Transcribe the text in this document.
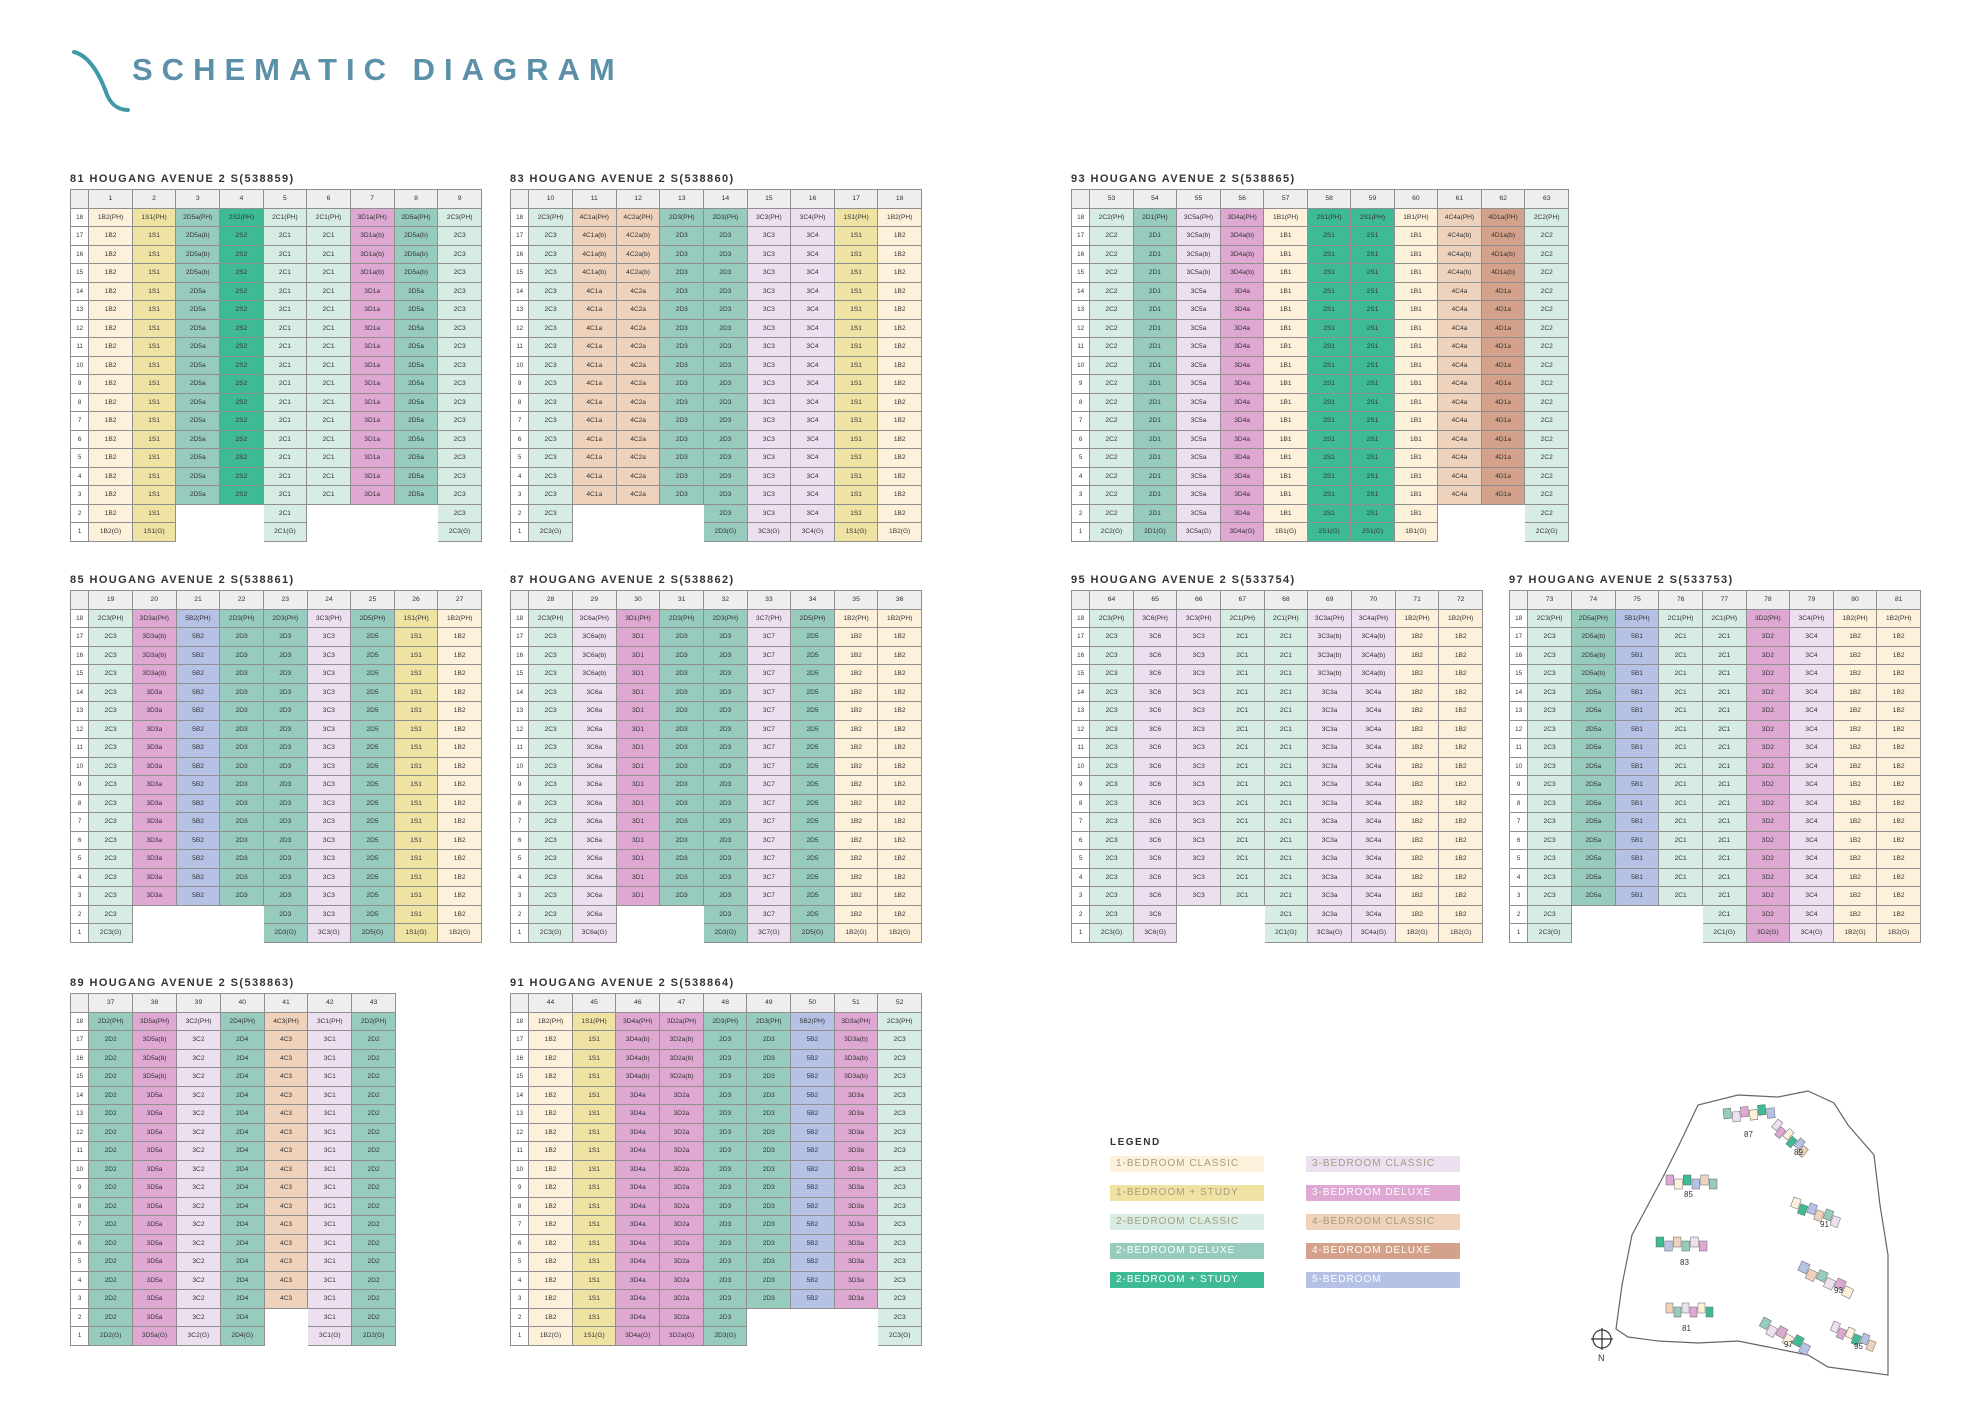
SCHEMATIC DIAGRAM
81 HOUGANG AVENUE 2 S(538859)
	1	2	3	4	5	6	7	8	9
18	1B2(PH)	1S1(PH)	2D5a(PH)	2S2(PH)	2C1(PH)	2C1(PH)	3D1a(PH)	2D5a(PH)	2C3(PH)
17	1B2	1S1	2D5a(b)	2S2	2C1	2C1	3D1a(b)	2D5a(b)	2C3
16	1B2	1S1	2D5a(b)	2S2	2C1	2C1	3D1a(b)	2D5a(b)	2C3
15	1B2	1S1	2D5a(b)	2S2	2C1	2C1	3D1a(b)	2D5a(b)	2C3
14	1B2	1S1	2D5a	2S2	2C1	2C1	3D1a	2D5a	2C3
13	1B2	1S1	2D5a	2S2	2C1	2C1	3D1a	2D5a	2C3
12	1B2	1S1	2D5a	2S2	2C1	2C1	3D1a	2D5a	2C3
11	1B2	1S1	2D5a	2S2	2C1	2C1	3D1a	2D5a	2C3
10	1B2	1S1	2D5a	2S2	2C1	2C1	3D1a	2D5a	2C3
9	1B2	1S1	2D5a	2S2	2C1	2C1	3D1a	2D5a	2C3
8	1B2	1S1	2D5a	2S2	2C1	2C1	3D1a	2D5a	2C3
7	1B2	1S1	2D5a	2S2	2C1	2C1	3D1a	2D5a	2C3
6	1B2	1S1	2D5a	2S2	2C1	2C1	3D1a	2D5a	2C3
5	1B2	1S1	2D5a	2S2	2C1	2C1	3D1a	2D5a	2C3
4	1B2	1S1	2D5a	2S2	2C1	2C1	3D1a	2D5a	2C3
3	1B2	1S1	2D5a	2S2	2C1	2C1	3D1a	2D5a	2C3
2	1B2	1S1			2C1				2C3
1	1B2(G)	1S1(G)			2C1(G)				2C3(G)
83 HOUGANG AVENUE 2 S(538860)
	10	11	12	13	14	15	16	17	18
18	2C3(PH)	4C1a(PH)	4C2a(PH)	2D3(PH)	2D3(PH)	3C3(PH)	3C4(PH)	1S1(PH)	1B2(PH)
17	2C3	4C1a(b)	4C2a(b)	2D3	2D3	3C3	3C4	1S1	1B2
16	2C3	4C1a(b)	4C2a(b)	2D3	2D3	3C3	3C4	1S1	1B2
15	2C3	4C1a(b)	4C2a(b)	2D3	2D3	3C3	3C4	1S1	1B2
14	2C3	4C1a	4C2a	2D3	2D3	3C3	3C4	1S1	1B2
13	2C3	4C1a	4C2a	2D3	2D3	3C3	3C4	1S1	1B2
12	2C3	4C1a	4C2a	2D3	2D3	3C3	3C4	1S1	1B2
11	2C3	4C1a	4C2a	2D3	2D3	3C3	3C4	1S1	1B2
10	2C3	4C1a	4C2a	2D3	2D3	3C3	3C4	1S1	1B2
9	2C3	4C1a	4C2a	2D3	2D3	3C3	3C4	1S1	1B2
8	2C3	4C1a	4C2a	2D3	2D3	3C3	3C4	1S1	1B2
7	2C3	4C1a	4C2a	2D3	2D3	3C3	3C4	1S1	1B2
6	2C3	4C1a	4C2a	2D3	2D3	3C3	3C4	1S1	1B2
5	2C3	4C1a	4C2a	2D3	2D3	3C3	3C4	1S1	1B2
4	2C3	4C1a	4C2a	2D3	2D3	3C3	3C4	1S1	1B2
3	2C3	4C1a	4C2a	2D3	2D3	3C3	3C4	1S1	1B2
2	2C3				2D3	3C3	3C4	1S1	1B2
1	2C3(G)				2D3(G)	3C3(G)	3C4(G)	1S1(G)	1B2(G)
93 HOUGANG AVENUE 2 S(538865)
	53	54	55	56	57	58	59	60	61	62	63
18	2C2(PH)	2D1(PH)	3C5a(PH)	3D4a(PH)	1B1(PH)	2S1(PH)	2S1(PH)	1B1(PH)	4C4a(PH)	4D1a(PH)	2C2(PH)
17	2C2	2D1	3C5a(b)	3D4a(b)	1B1	2S1	2S1	1B1	4C4a(b)	4D1a(b)	2C2
16	2C2	2D1	3C5a(b)	3D4a(b)	1B1	2S1	2S1	1B1	4C4a(b)	4D1a(b)	2C2
15	2C2	2D1	3C5a(b)	3D4a(b)	1B1	2S1	2S1	1B1	4C4a(b)	4D1a(b)	2C2
14	2C2	2D1	3C5a	3D4a	1B1	2S1	2S1	1B1	4C4a	4D1a	2C2
13	2C2	2D1	3C5a	3D4a	1B1	2S1	2S1	1B1	4C4a	4D1a	2C2
12	2C2	2D1	3C5a	3D4a	1B1	2S1	2S1	1B1	4C4a	4D1a	2C2
11	2C2	2D1	3C5a	3D4a	1B1	2S1	2S1	1B1	4C4a	4D1a	2C2
10	2C2	2D1	3C5a	3D4a	1B1	2S1	2S1	1B1	4C4a	4D1a	2C2
9	2C2	2D1	3C5a	3D4a	1B1	2S1	2S1	1B1	4C4a	4D1a	2C2
8	2C2	2D1	3C5a	3D4a	1B1	2S1	2S1	1B1	4C4a	4D1a	2C2
7	2C2	2D1	3C5a	3D4a	1B1	2S1	2S1	1B1	4C4a	4D1a	2C2
6	2C2	2D1	3C5a	3D4a	1B1	2S1	2S1	1B1	4C4a	4D1a	2C2
5	2C2	2D1	3C5a	3D4a	1B1	2S1	2S1	1B1	4C4a	4D1a	2C2
4	2C2	2D1	3C5a	3D4a	1B1	2S1	2S1	1B1	4C4a	4D1a	2C2
3	2C2	2D1	3C5a	3D4a	1B1	2S1	2S1	1B1	4C4a	4D1a	2C2
2	2C2	2D1	3C5a	3D4a	1B1	2S1	2S1	1B1			2C2
1	2C2(G)	2D1(G)	3C5a(G)	3D4a(G)	1B1(G)	2S1(G)	2S1(G)	1B1(G)			2C2(G)
85 HOUGANG AVENUE 2 S(538861)
	19	20	21	22	23	24	25	26	27
18	2C3(PH)	3D3a(PH)	5B2(PH)	2D3(PH)	2D3(PH)	3C3(PH)	2D5(PH)	1S1(PH)	1B2(PH)
17	2C3	3D3a(b)	5B2	2D3	2D3	3C3	2D5	1S1	1B2
16	2C3	3D3a(b)	5B2	2D3	2D3	3C3	2D5	1S1	1B2
15	2C3	3D3a(b)	5B2	2D3	2D3	3C3	2D5	1S1	1B2
14	2C3	3D3a	5B2	2D3	2D3	3C3	2D5	1S1	1B2
13	2C3	3D3a	5B2	2D3	2D3	3C3	2D5	1S1	1B2
12	2C3	3D3a	5B2	2D3	2D3	3C3	2D5	1S1	1B2
11	2C3	3D3a	5B2	2D3	2D3	3C3	2D5	1S1	1B2
10	2C3	3D3a	5B2	2D3	2D3	3C3	2D5	1S1	1B2
9	2C3	3D3a	5B2	2D3	2D3	3C3	2D5	1S1	1B2
8	2C3	3D3a	5B2	2D3	2D3	3C3	2D5	1S1	1B2
7	2C3	3D3a	5B2	2D3	2D3	3C3	2D5	1S1	1B2
6	2C3	3D3a	5B2	2D3	2D3	3C3	2D5	1S1	1B2
5	2C3	3D3a	5B2	2D3	2D3	3C3	2D5	1S1	1B2
4	2C3	3D3a	5B2	2D3	2D3	3C3	2D5	1S1	1B2
3	2C3	3D3a	5B2	2D3	2D3	3C3	2D5	1S1	1B2
2	2C3				2D3	3C3	2D5	1S1	1B2
1	2C3(G)				2D3(G)	3C3(G)	2D5(G)	1S1(G)	1B2(G)
87 HOUGANG AVENUE 2 S(538862)
	28	29	30	31	32	33	34	35	36
18	2C3(PH)	3C6a(PH)	3D1(PH)	2D3(PH)	2D3(PH)	3C7(PH)	2D5(PH)	1B2(PH)	1B2(PH)
17	2C3	3C6a(b)	3D1	2D3	2D3	3C7	2D5	1B2	1B2
16	2C3	3C6a(b)	3D1	2D3	2D3	3C7	2D5	1B2	1B2
15	2C3	3C6a(b)	3D1	2D3	2D3	3C7	2D5	1B2	1B2
14	2C3	3C6a	3D1	2D3	2D3	3C7	2D5	1B2	1B2
13	2C3	3C6a	3D1	2D3	2D3	3C7	2D5	1B2	1B2
12	2C3	3C6a	3D1	2D3	2D3	3C7	2D5	1B2	1B2
11	2C3	3C6a	3D1	2D3	2D3	3C7	2D5	1B2	1B2
10	2C3	3C6a	3D1	2D3	2D3	3C7	2D5	1B2	1B2
9	2C3	3C6a	3D1	2D3	2D3	3C7	2D5	1B2	1B2
8	2C3	3C6a	3D1	2D3	2D3	3C7	2D5	1B2	1B2
7	2C3	3C6a	3D1	2D3	2D3	3C7	2D5	1B2	1B2
6	2C3	3C6a	3D1	2D3	2D3	3C7	2D5	1B2	1B2
5	2C3	3C6a	3D1	2D3	2D3	3C7	2D5	1B2	1B2
4	2C3	3C6a	3D1	2D3	2D3	3C7	2D5	1B2	1B2
3	2C3	3C6a	3D1	2D3	2D3	3C7	2D5	1B2	1B2
2	2C3	3C6a			2D3	3C7	2D5	1B2	1B2
1	2C3(G)	3C6a(G)			2D3(G)	3C7(G)	2D5(G)	1B2(G)	1B2(G)
95 HOUGANG AVENUE 2 S(533754)
	64	65	66	67	68	69	70	71	72
18	2C3(PH)	3C6(PH)	3C3(PH)	2C1(PH)	2C1(PH)	3C3a(PH)	3C4a(PH)	1B2(PH)	1B2(PH)
17	2C3	3C6	3C3	2C1	2C1	3C3a(b)	3C4a(b)	1B2	1B2
16	2C3	3C6	3C3	2C1	2C1	3C3a(b)	3C4a(b)	1B2	1B2
15	2C3	3C6	3C3	2C1	2C1	3C3a(b)	3C4a(b)	1B2	1B2
14	2C3	3C6	3C3	2C1	2C1	3C3a	3C4a	1B2	1B2
13	2C3	3C6	3C3	2C1	2C1	3C3a	3C4a	1B2	1B2
12	2C3	3C6	3C3	2C1	2C1	3C3a	3C4a	1B2	1B2
11	2C3	3C6	3C3	2C1	2C1	3C3a	3C4a	1B2	1B2
10	2C3	3C6	3C3	2C1	2C1	3C3a	3C4a	1B2	1B2
9	2C3	3C6	3C3	2C1	2C1	3C3a	3C4a	1B2	1B2
8	2C3	3C6	3C3	2C1	2C1	3C3a	3C4a	1B2	1B2
7	2C3	3C6	3C3	2C1	2C1	3C3a	3C4a	1B2	1B2
6	2C3	3C6	3C3	2C1	2C1	3C3a	3C4a	1B2	1B2
5	2C3	3C6	3C3	2C1	2C1	3C3a	3C4a	1B2	1B2
4	2C3	3C6	3C3	2C1	2C1	3C3a	3C4a	1B2	1B2
3	2C3	3C6	3C3	2C1	2C1	3C3a	3C4a	1B2	1B2
2	2C3	3C6			2C1	3C3a	3C4a	1B2	1B2
1	2C3(G)	3C6(G)			2C1(G)	3C3a(G)	3C4a(G)	1B2(G)	1B2(G)
97 HOUGANG AVENUE 2 S(533753)
	73	74	75	76	77	78	79	80	81
18	2C3(PH)	2D5a(PH)	5B1(PH)	2C1(PH)	2C1(PH)	3D2(PH)	3C4(PH)	1B2(PH)	1B2(PH)
17	2C3	2D5a(b)	5B1	2C1	2C1	3D2	3C4	1B2	1B2
16	2C3	2D5a(b)	5B1	2C1	2C1	3D2	3C4	1B2	1B2
15	2C3	2D5a(b)	5B1	2C1	2C1	3D2	3C4	1B2	1B2
14	2C3	2D5a	5B1	2C1	2C1	3D2	3C4	1B2	1B2
13	2C3	2D5a	5B1	2C1	2C1	3D2	3C4	1B2	1B2
12	2C3	2D5a	5B1	2C1	2C1	3D2	3C4	1B2	1B2
11	2C3	2D5a	5B1	2C1	2C1	3D2	3C4	1B2	1B2
10	2C3	2D5a	5B1	2C1	2C1	3D2	3C4	1B2	1B2
9	2C3	2D5a	5B1	2C1	2C1	3D2	3C4	1B2	1B2
8	2C3	2D5a	5B1	2C1	2C1	3D2	3C4	1B2	1B2
7	2C3	2D5a	5B1	2C1	2C1	3D2	3C4	1B2	1B2
6	2C3	2D5a	5B1	2C1	2C1	3D2	3C4	1B2	1B2
5	2C3	2D5a	5B1	2C1	2C1	3D2	3C4	1B2	1B2
4	2C3	2D5a	5B1	2C1	2C1	3D2	3C4	1B2	1B2
3	2C3	2D5a	5B1	2C1	2C1	3D2	3C4	1B2	1B2
2	2C3				2C1	3D2	3C4	1B2	1B2
1	2C3(G)				2C1(G)	3D2(G)	3C4(G)	1B2(G)	1B2(G)
89 HOUGANG AVENUE 2 S(538863)
	37	38	39	40	41	42	43
18	2D2(PH)	3D5a(PH)	3C2(PH)	2D4(PH)	4C3(PH)	3C1(PH)	2D2(PH)
17	2D2	3D5a(b)	3C2	2D4	4C3	3C1	2D2
16	2D2	3D5a(b)	3C2	2D4	4C3	3C1	2D2
15	2D2	3D5a(b)	3C2	2D4	4C3	3C1	2D2
14	2D2	3D5a	3C2	2D4	4C3	3C1	2D2
13	2D2	3D5a	3C2	2D4	4C3	3C1	2D2
12	2D2	3D5a	3C2	2D4	4C3	3C1	2D2
11	2D2	3D5a	3C2	2D4	4C3	3C1	2D2
10	2D2	3D5a	3C2	2D4	4C3	3C1	2D2
9	2D2	3D5a	3C2	2D4	4C3	3C1	2D2
8	2D2	3D5a	3C2	2D4	4C3	3C1	2D2
7	2D2	3D5a	3C2	2D4	4C3	3C1	2D2
6	2D2	3D5a	3C2	2D4	4C3	3C1	2D2
5	2D2	3D5a	3C2	2D4	4C3	3C1	2D2
4	2D2	3D5a	3C2	2D4	4C3	3C1	2D2
3	2D2	3D5a	3C2	2D4	4C3	3C1	2D2
2	2D2	3D5a	3C2	2D4		3C1	2D2
1	2D2(G)	3D5a(G)	3C2(G)	2D4(G)		3C1(G)	2D2(G)
91 HOUGANG AVENUE 2 S(538864)
	44	45	46	47	48	49	50	51	52
18	1B2(PH)	1S1(PH)	3D4a(PH)	3D2a(PH)	2D3(PH)	2D3(PH)	5B2(PH)	3D3a(PH)	2C3(PH)
17	1B2	1S1	3D4a(b)	3D2a(b)	2D3	2D3	5B2	3D3a(b)	2C3
16	1B2	1S1	3D4a(b)	3D2a(b)	2D3	2D3	5B2	3D3a(b)	2C3
15	1B2	1S1	3D4a(b)	3D2a(b)	2D3	2D3	5B2	3D3a(b)	2C3
14	1B2	1S1	3D4a	3D2a	2D3	2D3	5B2	3D3a	2C3
13	1B2	1S1	3D4a	3D2a	2D3	2D3	5B2	3D3a	2C3
12	1B2	1S1	3D4a	3D2a	2D3	2D3	5B2	3D3a	2C3
11	1B2	1S1	3D4a	3D2a	2D3	2D3	5B2	3D3a	2C3
10	1B2	1S1	3D4a	3D2a	2D3	2D3	5B2	3D3a	2C3
9	1B2	1S1	3D4a	3D2a	2D3	2D3	5B2	3D3a	2C3
8	1B2	1S1	3D4a	3D2a	2D3	2D3	5B2	3D3a	2C3
7	1B2	1S1	3D4a	3D2a	2D3	2D3	5B2	3D3a	2C3
6	1B2	1S1	3D4a	3D2a	2D3	2D3	5B2	3D3a	2C3
5	1B2	1S1	3D4a	3D2a	2D3	2D3	5B2	3D3a	2C3
4	1B2	1S1	3D4a	3D2a	2D3	2D3	5B2	3D3a	2C3
3	1B2	1S1	3D4a	3D2a	2D3	2D3	5B2	3D3a	2C3
2	1B2	1S1	3D4a	3D2a	2D3				2C3
1	1B2(G)	1S1(G)	3D4a(G)	3D2a(G)	2D3(G)				2C3(G)
LEGEND
1-BEDROOM CLASSIC
1-BEDROOM + STUDY
2-BEDROOM CLASSIC
2-BEDROOM DELUXE
2-BEDROOM + STUDY
3-BEDROOM CLASSIC
3-BEDROOM DELUXE
4-BEDROOM CLASSIC
4-BEDROOM DELUXE
5-BEDROOM
87
89
85
91
83
93
81
97	95
N
